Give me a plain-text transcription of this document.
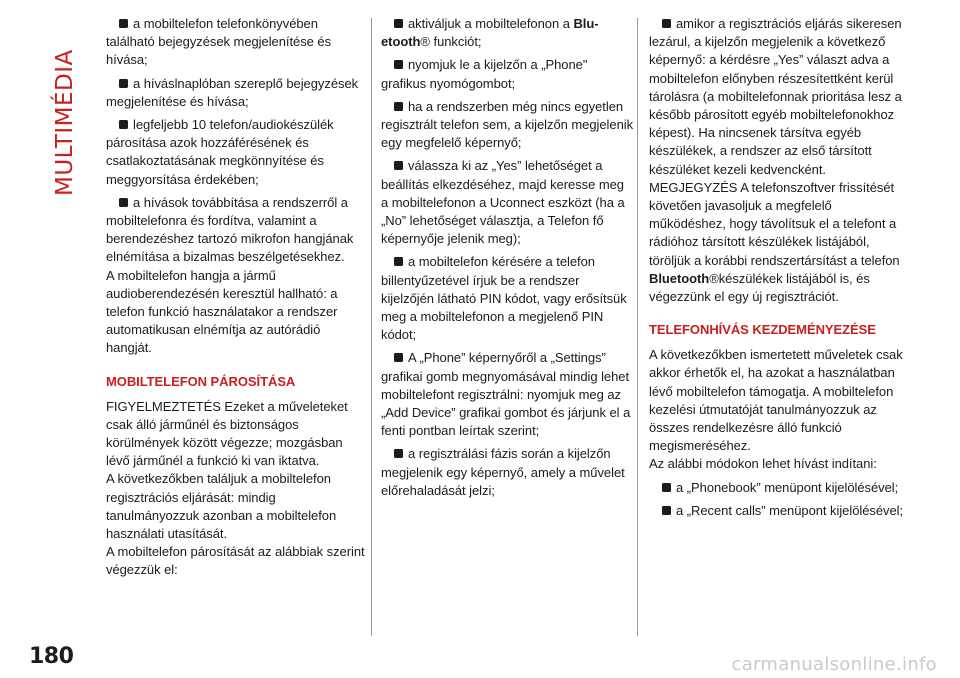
MULTIMÉDIA

a mobiltelefon telefonkönyvében található bejegyzések megjelenítése és hívása;

a híváslnaplóban szereplő bejegyzések megjelenítése és hívása;

legfeljebb 10 telefon/audiokészülék párosítása azok hozzáférésének és csatlakoztatásának megkönnyítése és meggyorsítása érdekében;

a hívások továbbítása a rendszerről a mobiltelefonra és fordítva, valamint a berendezéshez tartozó mikrofon hangjának elnémítása a bizalmas beszélgetésekhez.

A mobiltelefon hangja a jármű audioberendezésén keresztül hallható: a telefon funkció használatakor a rendszer automatikusan elnémítja az autórádió hangját.

MOBILTELEFON PÁROSÍTÁSA

FIGYELMEZTETÉS Ezeket a műveleteket csak álló járműnél és biztonságos körülmények között végezze; mozgásban lévő járműnél a funkció ki van iktatva.

A következőkben találjuk a mobiltelefon regisztrációs eljárását: mindig tanulmányozzuk azonban a mobiltelefon használati utasítását.

A mobiltelefon párosítását az alábbiak szerint végezzük el:

aktiváljuk a mobiltelefonon a Blu-etooth® funkciót;

nyomjuk le a kijelzőn a „Phone" grafikus nyomógombot;

ha a rendszerben még nincs egyetlen regisztrált telefon sem, a kijelzőn megjelenik egy megfelelő képernyő;

válassza ki az „Yes” lehetőséget a beállítás elkezdéséhez, majd keresse meg a mobiltelefonon a Uconnect eszközt (ha a „No” lehetőséget választja, a Telefon fő képernyője jelenik meg);

a mobiltelefon kérésére a telefon billentyűzetével írjuk be a rendszer kijelzőjén látható PIN kódot, vagy erősítsük meg a mobiltelefonon a megjelenő PIN kódot;

A „Phone” képernyőről a „Settings” grafikai gomb megnyomásával mindig lehet mobiltelefont regisztrálni: nyomjuk meg az „Add Device” grafikai gombot és járjunk el a fenti pontban leírtak szerint;

a regisztrálási fázis során a kijelzőn megjelenik egy képernyő, amely a művelet előrehaladását jelzi;

amikor a regisztrációs eljárás sikeresen lezárul, a kijelzőn megjelenik a következő képernyő: a kérdésre „Yes” választ adva a mobiltelefon előnyben részesítettként kerül tárolásra (a mobiltelefonnak prioritása lesz a később párosított egyéb mobiltelefonokhoz képest). Ha nincsenek társítva egyéb készülékek, a rendszer az első társított készüléket kezeli kedvencként.

MEGJEGYZÉS A telefonszoftver frissítését követően javasoljuk a megfelelő működéshez, hogy távolítsuk el a telefont a rádióhoz társított készülékek listájából, töröljük a korábbi rendszertársítást a telefon Bluetooth®készülékek listájából is, és végezzünk el egy új regisztrációt.

TELEFONHÍVÁS KEZDEMÉNYEZÉSE

A következőkben ismertetett műveletek csak akkor érhetők el, ha azokat a használatban lévő mobiltelefon támogatja. A mobiltelefon kezelési útmutatóját tanulmányozzuk az összes rendelkezésre álló funkció megismeréséhez.

Az alábbi módokon lehet hívást indítani:

a „Phonebook” menüpont kijelölésével;

a „Recent calls” menüpont kijelölésével;

180	carmanualsonline.info
